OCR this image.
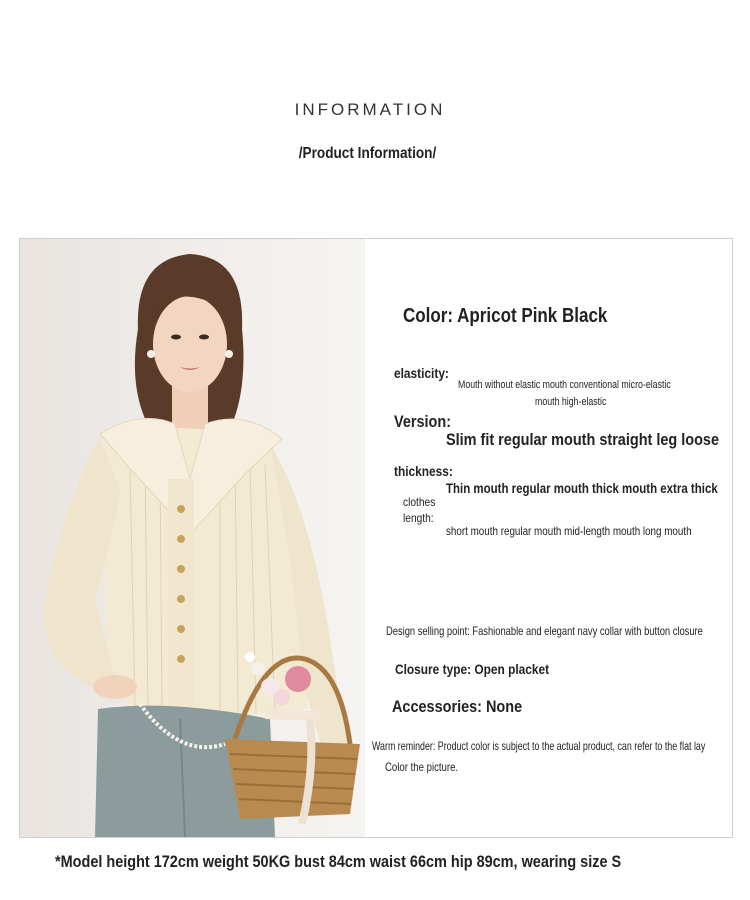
INFORMATION
/Product Information/
Color: Apricot Pink Black
elasticity:
Mouth without elastic mouth conventional micro-elastic
mouth high-elastic
Version:
Slim fit regular mouth straight leg loose
thickness:
Thin mouth regular mouth thick mouth extra thick
clothes
length:
short mouth regular mouth mid-length mouth long mouth
Design selling point: Fashionable and elegant navy collar with button closure
Closure type: Open placket
Accessories: None
Warm reminder: Product color is subject to the actual product, can refer to the flat lay
Color the picture.
*Model height 172cm weight 50KG bust 84cm waist 66cm hip 89cm, wearing size S
